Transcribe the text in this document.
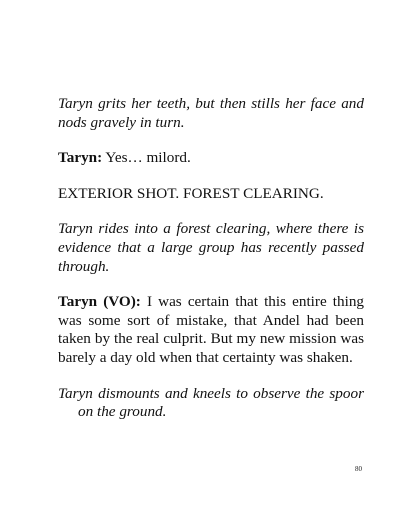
Taryn grits her teeth, but then stills her face and nods gravely in turn.

Taryn: Yes… milord.

EXTERIOR SHOT. FOREST CLEARING.

Taryn rides into a forest clearing, where there is evidence that a large group has recently passed through.

Taryn (VO): I was certain that this entire thing was some sort of mistake, that Andel had been taken by the real culprit. But my new mission was barely a day old when that certainty was shaken.

Taryn dismounts and kneels to observe the spoor on the ground.

80
